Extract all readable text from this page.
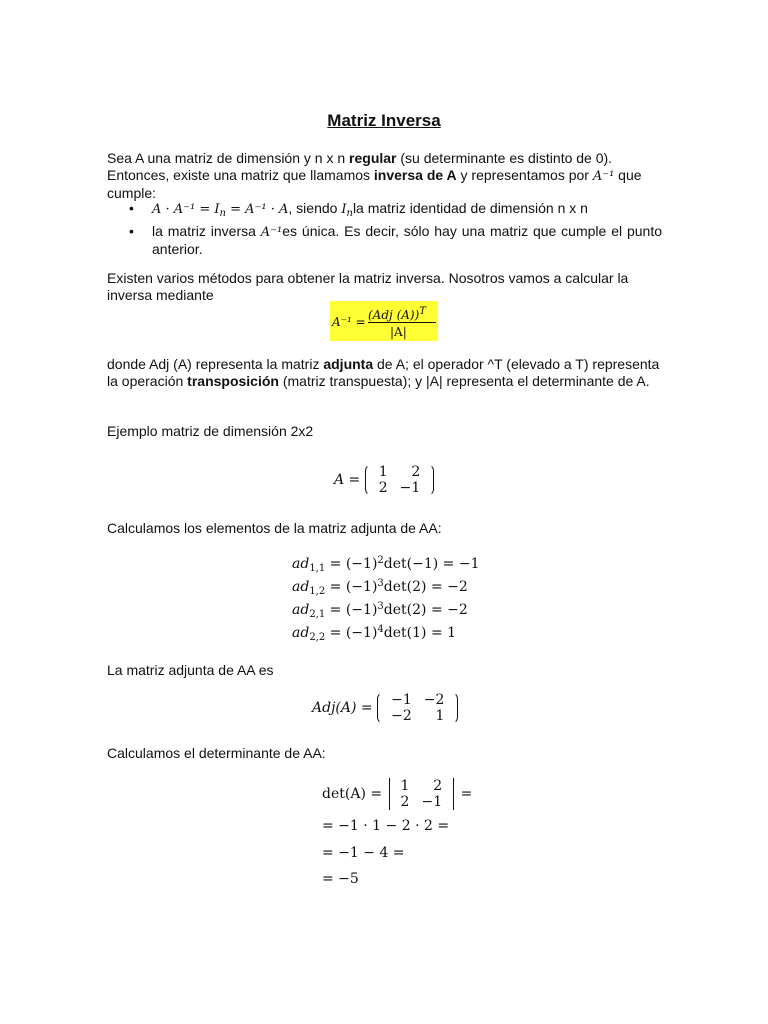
Matriz Inversa
Sea A una matriz de dimensión y n x n regular (su determinante es distinto de 0). Entonces, existe una matriz que llamamos inversa de A y representamos por A⁻¹ que cumple:
• $A \cdot A^{-1} = I_n = A^{-1} \cdot A$, siendo $I_nla$ matriz identidad de dimensión n x n
• la matriz inversa A⁻¹es única. Es decir, sólo hay una matriz que cumple el punto anterior.
Existen varios métodos para obtener la matriz inversa. Nosotros vamos a calcular la inversa mediante
A⁻¹ = (Adj (A))$^T$
|A|
donde Adj (A) representa la matriz adjunta de A; el operador ^T (elevado a T) representa la operación transposición (matriz transpuesta); y |A| representa el determinante de A.
Ejemplo matriz de dimensión 2x2
A = 1	2
2	−1
Calculamos los elementos de la matriz adjunta de AA:
$ad_{1,1} = (-1)^2\det(-1) = -1$
$ad_{1,2} = (-1)^3\det(2) = -2$
$ad_{2,1} = (-1)^3\det(2) = -2$
$ad_{2,2} = (-1)^4\det(1) = 1$
La matriz adjunta de AA es
Adj(A) = −1	−2
−2	1
Calculamos el determinante de AA:
det(A) = 1	2
2	−1 =
= −1 · 1 − 2 · 2 =
= −1 − 4 =
= −5
